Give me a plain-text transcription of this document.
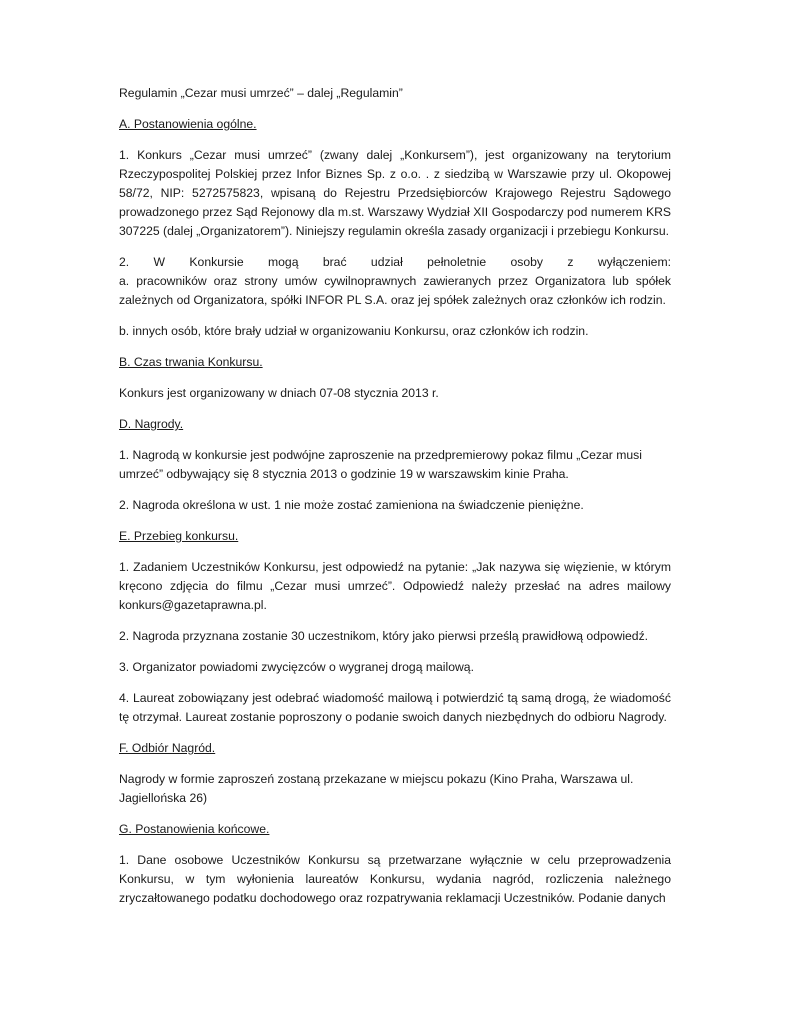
Regulamin „Cezar musi umrzeć” – dalej „Regulamin”

A. Postanowienia ogólne.

1. Konkurs „Cezar musi umrzeć” (zwany dalej „Konkursem”), jest organizowany na terytorium Rzeczypospolitej Polskiej przez Infor Biznes Sp. z o.o. . z siedzibą w Warszawie przy ul. Okopowej 58/72, NIP: 5272575823, wpisaną do Rejestru Przedsiębiorców Krajowego Rejestru Sądowego prowadzonego przez Sąd Rejonowy dla m.st. Warszawy Wydział XII Gospodarczy pod numerem KRS 307225 (dalej „Organizatorem”). Niniejszy regulamin określa zasady organizacji i przebiegu Konkursu.

2. W Konkursie mogą brać udział pełnoletnie osoby z wyłączeniem:
a. pracowników oraz strony umów cywilnoprawnych zawieranych przez Organizatora lub spółek zależnych od Organizatora, spółki INFOR PL S.A. oraz jej spółek zależnych oraz członków ich rodzin.

b. innych osób, które brały udział w organizowaniu Konkursu, oraz członków ich rodzin.

B. Czas trwania Konkursu.

Konkurs jest organizowany w dniach 07-08 stycznia 2013 r.

D. Nagrody.

1. Nagrodą w konkursie jest podwójne zaproszenie na przedpremierowy pokaz filmu „Cezar musi
umrzeć” odbywający się 8 stycznia 2013 o godzinie 19 w warszawskim kinie Praha.

2. Nagroda określona w ust. 1 nie może zostać zamieniona na świadczenie pieniężne.

E. Przebieg konkursu.

1. Zadaniem Uczestników Konkursu, jest odpowiedź na pytanie: „Jak nazywa się więzienie, w którym kręcono zdjęcia do filmu „Cezar musi umrzeć”. Odpowiedź należy przesłać na adres mailowy konkurs@gazetaprawna.pl.

2. Nagroda przyznana zostanie 30 uczestnikom, który jako pierwsi prześlą prawidłową odpowiedź.

3. Organizator powiadomi zwycięzców o wygranej drogą mailową.

4. Laureat zobowiązany jest odebrać wiadomość mailową i potwierdzić tą samą drogą, że wiadomość tę otrzymał. Laureat zostanie poproszony o podanie swoich danych niezbędnych do odbioru Nagrody.

F. Odbiór Nagród.

Nagrody w formie zaproszeń zostaną przekazane w miejscu pokazu (Kino Praha, Warszawa ul.
Jagiellońska 26)

G. Postanowienia końcowe.

1. Dane osobowe Uczestników Konkursu są przetwarzane wyłącznie w celu przeprowadzenia Konkursu, w tym wyłonienia laureatów Konkursu, wydania nagród, rozliczenia należnego zryczałtowanego podatku dochodowego oraz rozpatrywania reklamacji Uczestników. Podanie danych
